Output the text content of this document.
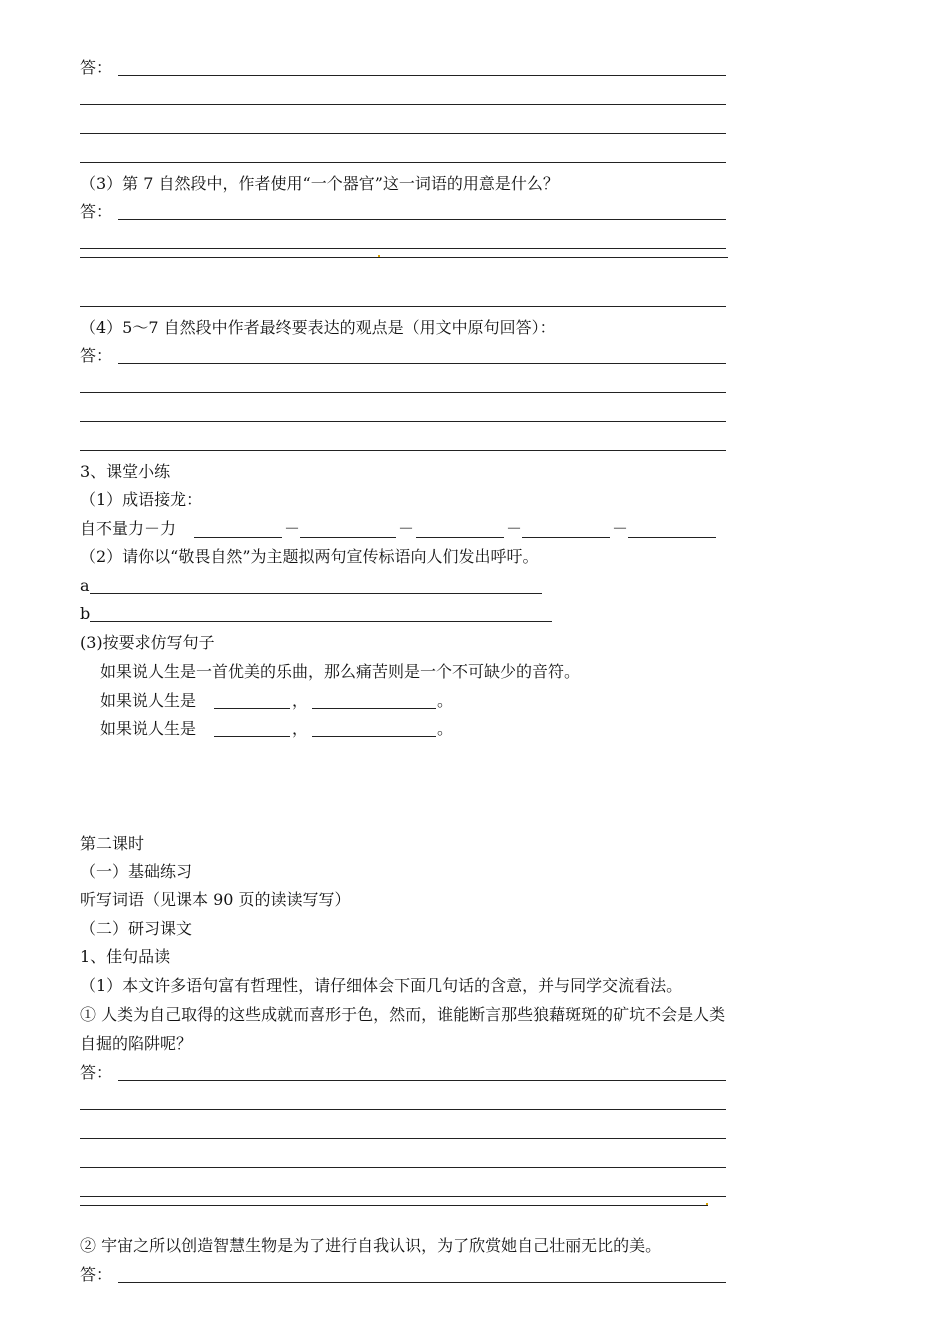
答：
（3）第 7 自然段中，作者使用“一个器官”这一词语的用意是什么？
答：
（4）5～7 自然段中作者最终要表达的观点是（用文中原句回答）：
答：
3、课堂小练
（1）成语接龙：
自不量力－力	－	－	－	－
（2）请你以“敬畏自然”为主题拟两句宣传标语向人们发出呼吁。
a
b
(3)按要求仿写句子
如果说人生是一首优美的乐曲，那么痛苦则是一个不可缺少的音符。
如果说人生是	，	。
如果说人生是	，	。
第二课时
（一）基础练习
听写词语（见课本 90 页的读读写写）
（二）研习课文
1、佳句品读
（1）本文许多语句富有哲理性，请仔细体会下面几句话的含意，并与同学交流看法。
① 人类为自己取得的这些成就而喜形于色，然而，谁能断言那些狼藉斑斑的矿坑不会是人类
自掘的陷阱呢？
答：
② 宇宙之所以创造智慧生物是为了进行自我认识，为了欣赏她自己壮丽无比的美。
答：
